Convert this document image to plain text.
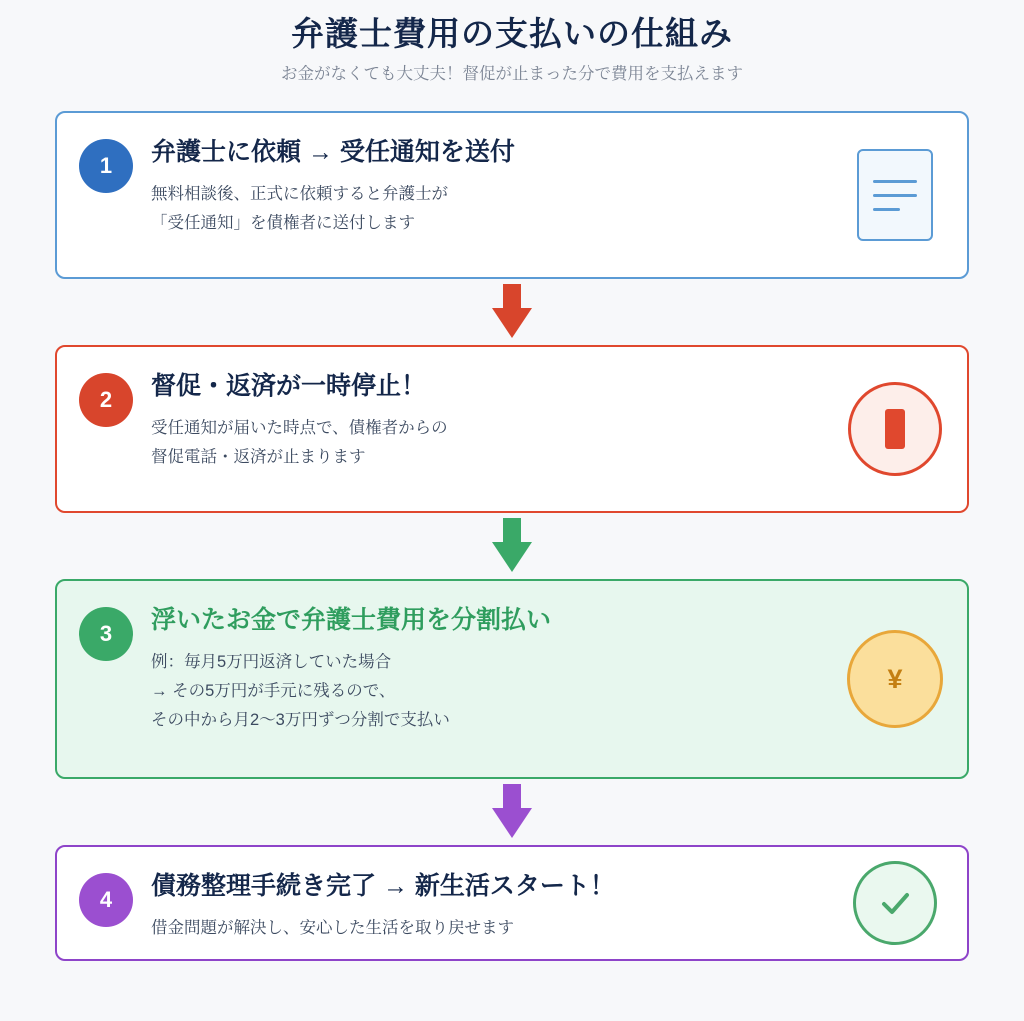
弁護士費用の支払いの仕組み

お金がなくても大丈夫！督促が止まった分で費用を支払えます

1	弁護士に依頼 → 受任通知を送付
無料相談後、正式に依頼すると弁護士が
「受任通知」を債権者に送付します
2	督促・返済が一時停止！
受任通知が届いた時点で、債権者からの
督促電話・返済が止まります
3	浮いたお金で弁護士費用を分割払い
例：毎月5万円返済していた場合
→ その5万円が手元に残るので、
その中から月2〜3万円ずつ分割で支払い
¥
4	債務整理手続き完了 → 新生活スタート！
借金問題が解決し、安心した生活を取り戻せます
